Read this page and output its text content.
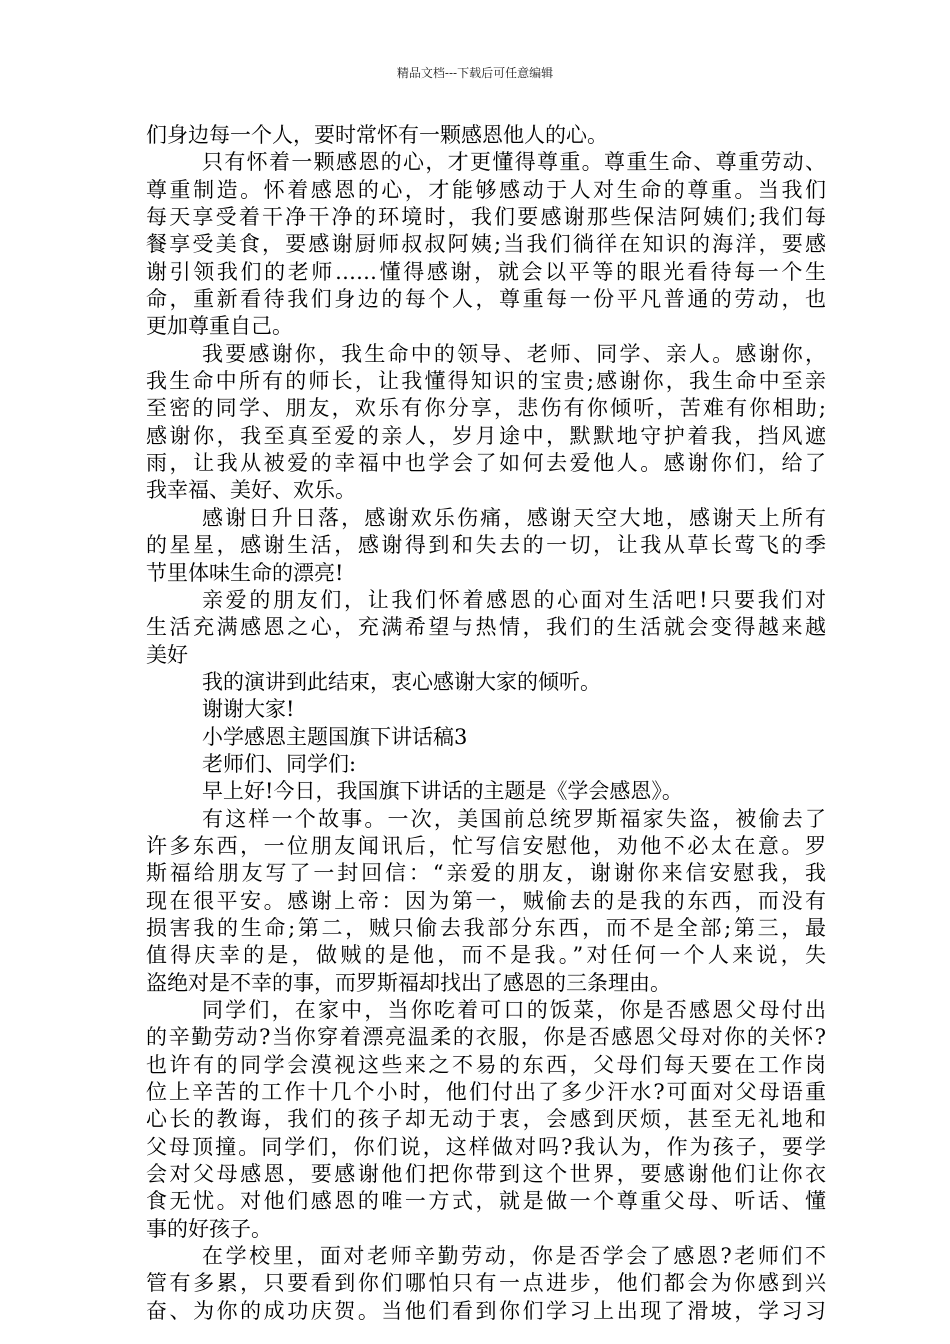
精品文档---下载后可任意编辑
们身边每一个人，要时常怀有一颗感恩他人的心。
只有怀着一颗感恩的心，才更懂得尊重。尊重生命、尊重劳动、
尊重制造。怀着感恩的心，才能够感动于人对生命的尊重。当我们
每天享受着干净干净的环境时，我们要感谢那些保洁阿姨们;我们每
餐享受美食，要感谢厨师叔叔阿姨;当我们徜徉在知识的海洋，要感
谢引领我们的老师……懂得感谢，就会以平等的眼光看待每一个生
命，重新看待我们身边的每个人，尊重每一份平凡普通的劳动，也
更加尊重自己。
我要感谢你，我生命中的领导、老师、同学、亲人。感谢你，
我生命中所有的师长，让我懂得知识的宝贵;感谢你，我生命中至亲
至密的同学、朋友，欢乐有你分享，悲伤有你倾听，苦难有你相助;
感谢你，我至真至爱的亲人，岁月途中，默默地守护着我，挡风遮
雨，让我从被爱的幸福中也学会了如何去爱他人。感谢你们，给了
我幸福、美好、欢乐。
感谢日升日落，感谢欢乐伤痛，感谢天空大地，感谢天上所有
的星星，感谢生活，感谢得到和失去的一切，让我从草长莺飞的季
节里体味生命的漂亮!
亲爱的朋友们，让我们怀着感恩的心面对生活吧!只要我们对
生活充满感恩之心，充满希望与热情，我们的生活就会变得越来越
美好
我的演讲到此结束，衷心感谢大家的倾听。
谢谢大家!
小学感恩主题国旗下讲话稿3
老师们、同学们:
早上好!今日，我国旗下讲话的主题是《学会感恩》。
有这样一个故事。一次，美国前总统罗斯福家失盗，被偷去了
许多东西，一位朋友闻讯后，忙写信安慰他，劝他不必太在意。罗
斯福给朋友写了一封回信：“亲爱的朋友，谢谢你来信安慰我，我
现在很平安。感谢上帝：因为第一，贼偷去的是我的东西，而没有
损害我的生命;第二，贼只偷去我部分东西，而不是全部;第三，最
值得庆幸的是，做贼的是他，而不是我。”对任何一个人来说，失
盗绝对是不幸的事，而罗斯福却找出了感恩的三条理由。
同学们，在家中，当你吃着可口的饭菜，你是否感恩父母付出
的辛勤劳动?当你穿着漂亮温柔的衣服，你是否感恩父母对你的关怀?
也许有的同学会漠视这些来之不易的东西，父母们每天要在工作岗
位上辛苦的工作十几个小时，他们付出了多少汗水?可面对父母语重
心长的教诲，我们的孩子却无动于衷，会感到厌烦，甚至无礼地和
父母顶撞。同学们，你们说，这样做对吗?我认为，作为孩子，要学
会对父母感恩，要感谢他们把你带到这个世界，要感谢他们让你衣
食无忧。对他们感恩的唯一方式，就是做一个尊重父母、听话、懂
事的好孩子。
在学校里，面对老师辛勤劳动，你是否学会了感恩?老师们不
管有多累，只要看到你们哪怕只有一点进步，他们都会为你感到兴
奋、为你的成功庆贺。当他们看到你们学习上出现了滑坡，学习习
